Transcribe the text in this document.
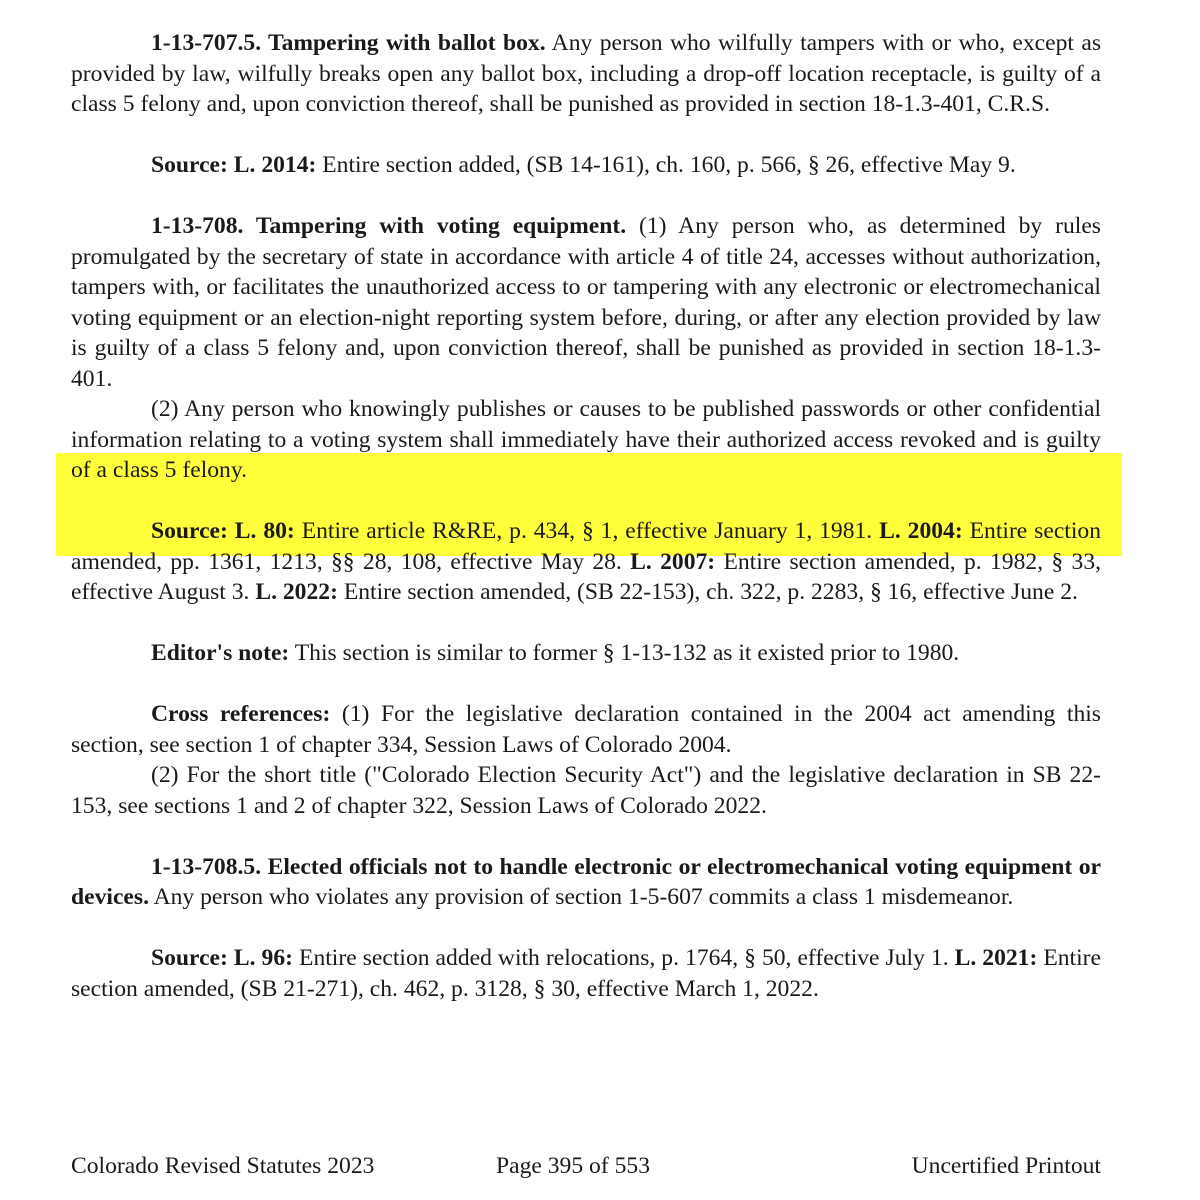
1-13-707.5. Tampering with ballot box. Any person who wilfully tampers with or who, except as provided by law, wilfully breaks open any ballot box, including a drop-off location receptacle, is guilty of a class 5 felony and, upon conviction thereof, shall be punished as provided in section 18-1.3-401, C.R.S.

Source: L. 2014: Entire section added, (SB 14-161), ch. 160, p. 566, § 26, effective May 9.

1-13-708. Tampering with voting equipment. (1) Any person who, as determined by rules promulgated by the secretary of state in accordance with article 4 of title 24, accesses without authorization, tampers with, or facilitates the unauthorized access to or tampering with any electronic or electromechanical voting equipment or an election-night reporting system before, during, or after any election provided by law is guilty of a class 5 felony and, upon conviction thereof, shall be punished as provided in section 18-1.3-401.

(2) Any person who knowingly publishes or causes to be published passwords or other confidential information relating to a voting system shall immediately have their authorized access revoked and is guilty of a class 5 felony.

Source: L. 80: Entire article R&RE, p. 434, § 1, effective January 1, 1981. L. 2004: Entire section amended, pp. 1361, 1213, §§ 28, 108, effective May 28. L. 2007: Entire section amended, p. 1982, § 33, effective August 3. L. 2022: Entire section amended, (SB 22-153), ch. 322, p. 2283, § 16, effective June 2.

Editor's note: This section is similar to former § 1-13-132 as it existed prior to 1980.

Cross references: (1) For the legislative declaration contained in the 2004 act amending this section, see section 1 of chapter 334, Session Laws of Colorado 2004.

(2) For the short title ("Colorado Election Security Act") and the legislative declaration in SB 22-153, see sections 1 and 2 of chapter 322, Session Laws of Colorado 2022.

1-13-708.5. Elected officials not to handle electronic or electromechanical voting equipment or devices. Any person who violates any provision of section 1-5-607 commits a class 1 misdemeanor.

Source: L. 96: Entire section added with relocations, p. 1764, § 50, effective July 1. L. 2021: Entire section amended, (SB 21-271), ch. 462, p. 3128, § 30, effective March 1, 2022.

Colorado Revised Statutes 2023	Page 395 of 553	Uncertified Printout
